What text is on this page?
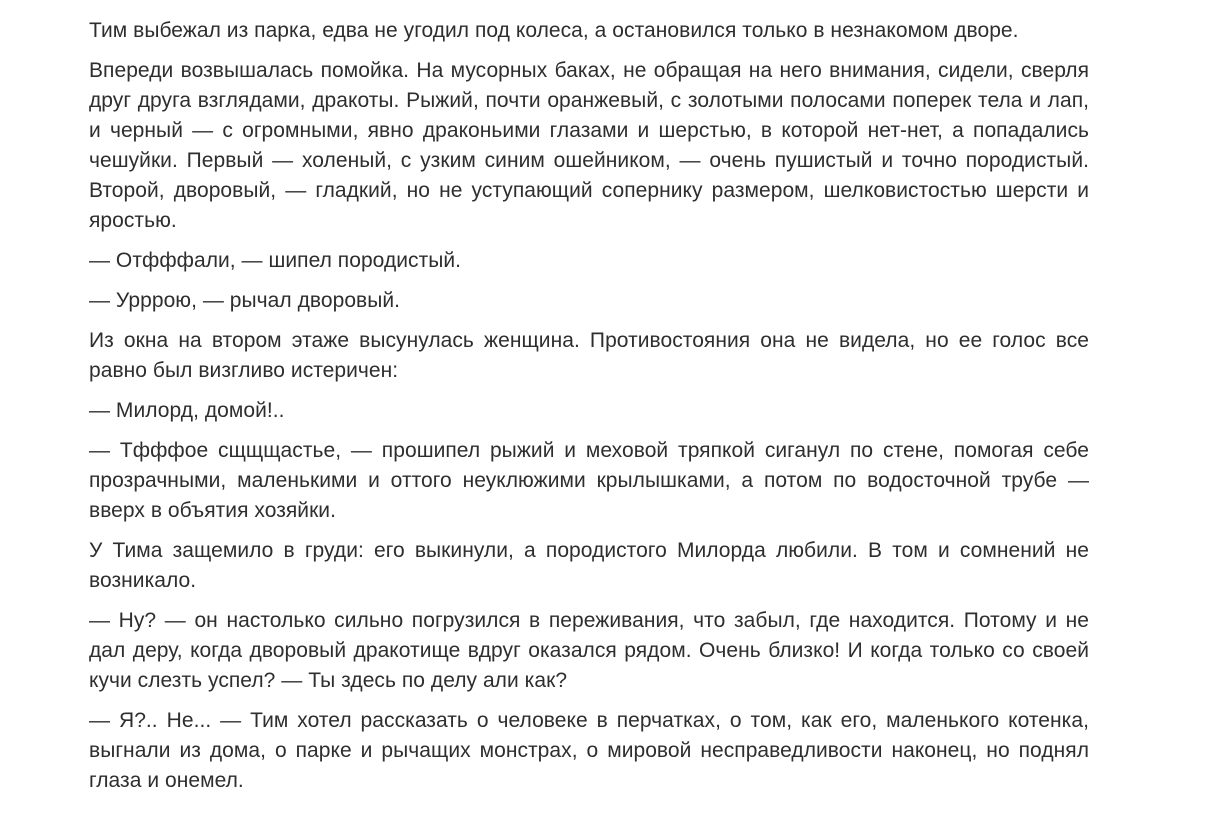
Тим выбежал из парка, едва не угодил под колеса, а остановился только в незнакомом дворе.

Впереди возвышалась помойка. На мусорных баках, не обращая на него внимания, сидели, сверля друг друга взглядами, дракоты. Рыжий, почти оранжевый, с золотыми полосами поперек тела и лап, и черный — с огромными, явно драконьими глазами и шерстью, в которой нет-нет, а попадались чешуйки. Первый — холеный, с узким синим ошейником, — очень пушистый и точно породистый. Второй, дворовый, — гладкий, но не уступающий сопернику размером, шелковистостью шерсти и яростью.

— Отфффали, — шипел породистый.

— Урррою, — рычал дворовый.

Из окна на втором этаже высунулась женщина. Противостояния она не видела, но ее голос все равно был визгливо истеричен:

— Милорд, домой!..

— Тфффое сщщщастье, — прошипел рыжий и меховой тряпкой сиганул по стене, помогая себе прозрачными, маленькими и оттого неуклюжими крылышками, а потом по водосточной трубе — вверх в объятия хозяйки.

У Тима защемило в груди: его выкинули, а породистого Милорда любили. В том и сомнений не возникало.

— Ну? — он настолько сильно погрузился в переживания, что забыл, где находится. Потому и не дал деру, когда дворовый дракотище вдруг оказался рядом. Очень близко! И когда только со своей кучи слезть успел? — Ты здесь по делу али как?

— Я?.. Не... — Тим хотел рассказать о человеке в перчатках, о том, как его, маленького котенка, выгнали из дома, о парке и рычащих монстрах, о мировой несправедливости наконец, но поднял глаза и онемел.
